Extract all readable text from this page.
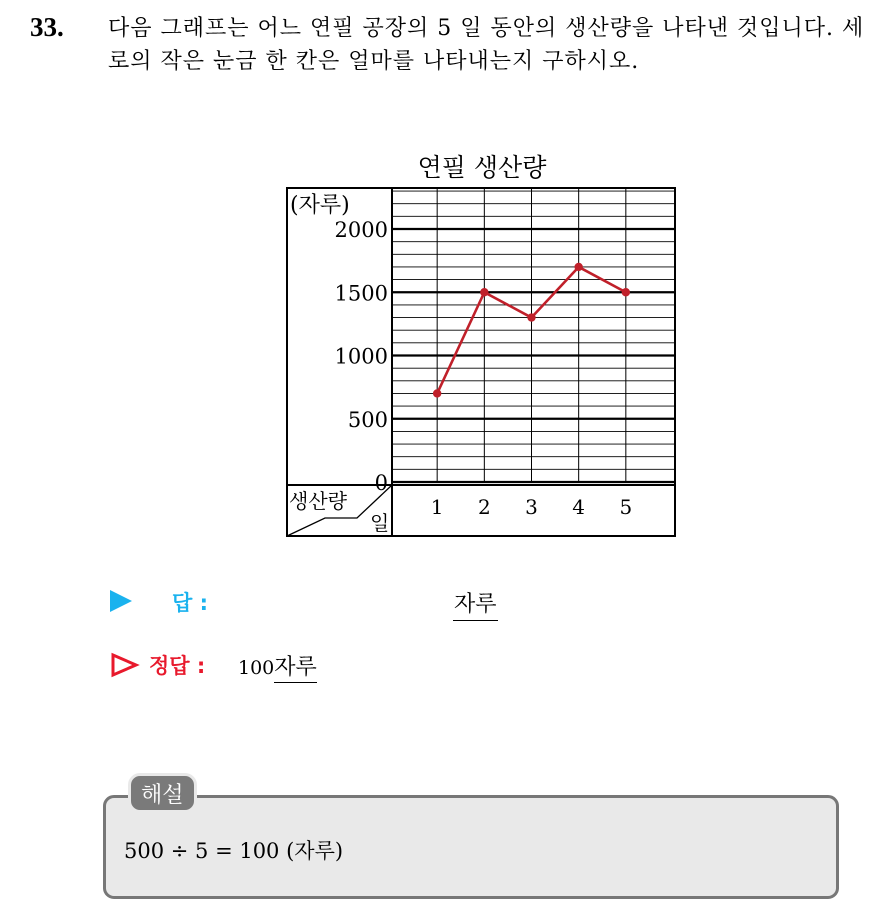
33. 다음 그래프는 어느 연필 공장의 5 일 동안의 생산량을 나타낸 것입니다. 세로의 작은 눈금 한 칸은 얼마를 나타내는지 구하시오.
연필 생산량
(자루)
0
500
1000
1500
2000
1 2 3 4 5
생산량
일
답 :	자루
정답 : 100자루
해설
500 ÷ 5 = 100 (자루)
